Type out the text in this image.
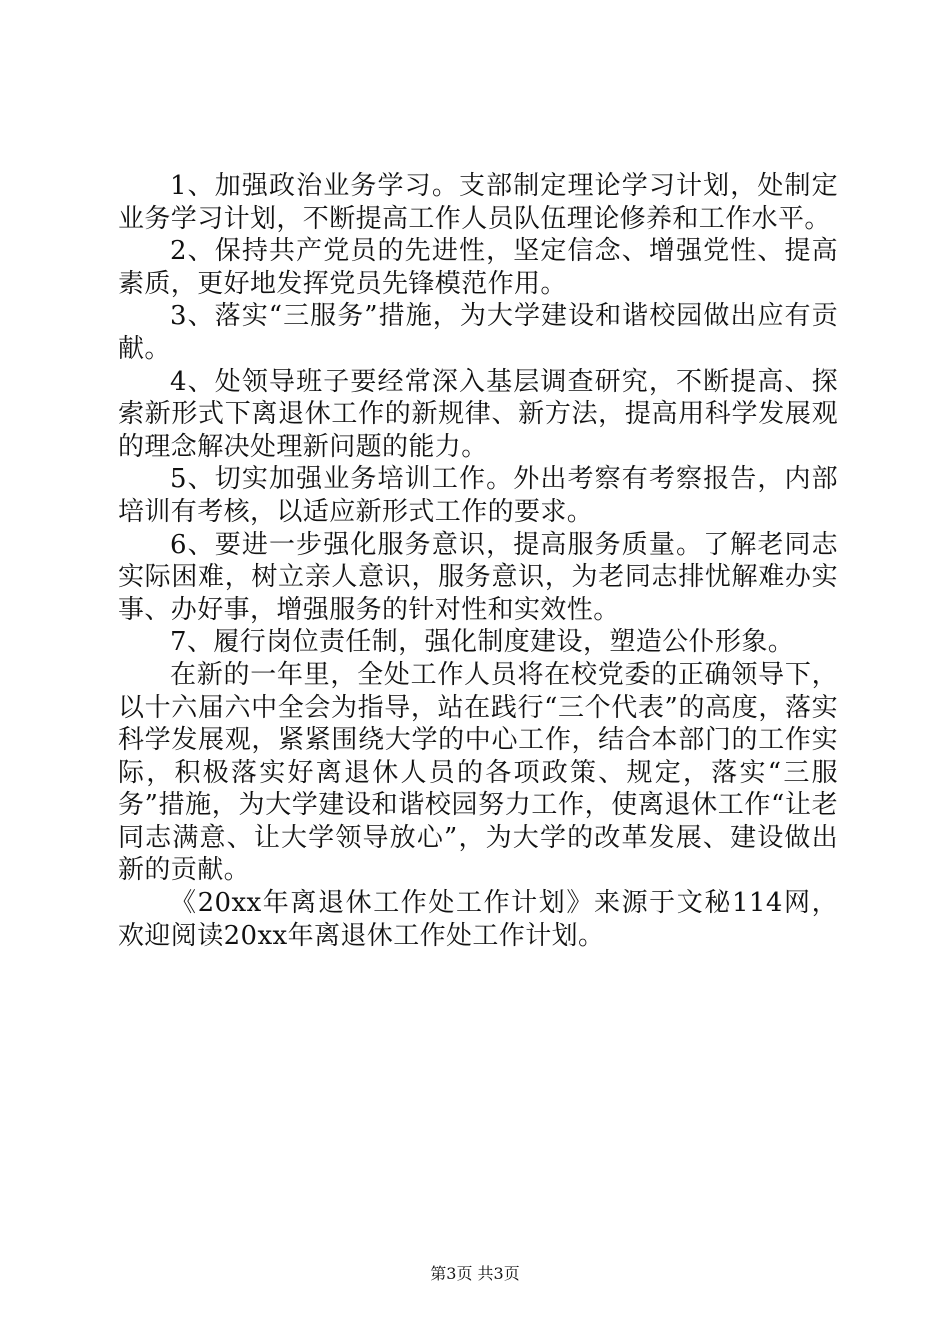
1、加强政治业务学习。支部制定理论学习计划，处制定业务学习计划，不断提高工作人员队伍理论修养和工作水平。

2、保持共产党员的先进性，坚定信念、增强党性、提高素质，更好地发挥党员先锋模范作用。

3、落实“三服务”措施，为大学建设和谐校园做出应有贡献。

4、处领导班子要经常深入基层调查研究，不断提高、探索新形式下离退休工作的新规律、新方法，提高用科学发展观的理念解决处理新问题的能力。

5、切实加强业务培训工作。外出考察有考察报告，内部培训有考核，以适应新形式工作的要求。

6、要进一步强化服务意识，提高服务质量。了解老同志实际困难，树立亲人意识，服务意识，为老同志排忧解难办实事、办好事，增强服务的针对性和实效性。

7、履行岗位责任制，强化制度建设，塑造公仆形象。

在新的一年里，全处工作人员将在校党委的正确领导下，以十六届六中全会为指导，站在践行“三个代表”的高度，落实科学发展观，紧紧围绕大学的中心工作，结合本部门的工作实际，积极落实好离退休人员的各项政策、规定，落实“三服务”措施，为大学建设和谐校园努力工作，使离退休工作“让老同志满意、让大学领导放心”，为大学的改革发展、建设做出新的贡献。

《20xx年离退休工作处工作计划》来源于文秘114网，欢迎阅读20xx年离退休工作处工作计划。

第3页 共3页
